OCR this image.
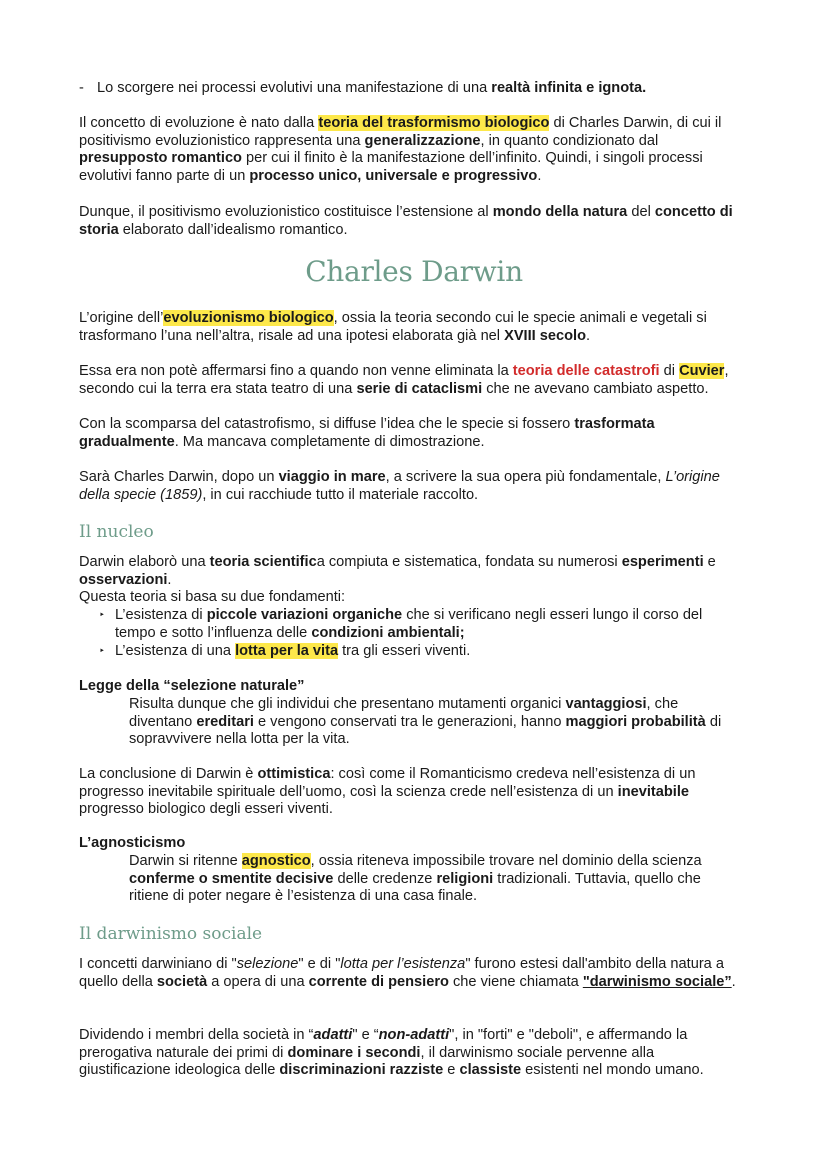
- Lo scorgere nei processi evolutivi una manifestazione di una realtà infinita e ignota.

Il concetto di evoluzione è nato dalla teoria del trasformismo biologico di Charles Darwin, di cui il positivismo evoluzionistico rappresenta una generalizzazione, in quanto condizionato dal presupposto romantico per cui il finito è la manifestazione dell’infinito. Quindi, i singoli processi evolutivi fanno parte di un processo unico, universale e progressivo.

Dunque, il positivismo evoluzionistico costituisce l’estensione al mondo della natura del concetto di storia elaborato dall’idealismo romantico.

Charles Darwin

L’origine dell’evoluzionismo biologico, ossia la teoria secondo cui le specie animali e vegetali si trasformano l’una nell’altra, risale ad una ipotesi elaborata già nel XVIII secolo.

Essa era non potè affermarsi fino a quando non venne eliminata la teoria delle catastrofi di Cuvier, secondo cui la terra era stata teatro di una serie di cataclismi che ne avevano cambiato aspetto.

Con la scomparsa del catastrofismo, si diffuse l’idea che le specie si fossero trasformata gradualmente. Ma mancava completamente di dimostrazione.

Sarà Charles Darwin, dopo un viaggio in mare, a scrivere la sua opera più fondamentale, L’origine della specie (1859), in cui racchiude tutto il materiale raccolto.

Il nucleo

Darwin elaborò una teoria scientifica compiuta e sistematica, fondata su numerosi esperimenti e osservazioni.

Questa teoria si basa su due fondamenti:

‣ L’esistenza di piccole variazioni organiche che si verificano negli esseri lungo il corso del tempo e sotto l’influenza delle condizioni ambientali;

‣ L’esistenza di una lotta per la vita tra gli esseri viventi.

Legge della “selezione naturale”

Risulta dunque che gli individui che presentano mutamenti organici vantaggiosi, che diventano ereditari e vengono conservati tra le generazioni, hanno maggiori probabilità di sopravvivere nella lotta per la vita.

La conclusione di Darwin è ottimistica: così come il Romanticismo credeva nell’esistenza di un progresso inevitabile spirituale dell’uomo, così la scienza crede nell’esistenza di un inevitabile progresso biologico degli esseri viventi.

L’agnosticismo

Darwin si ritenne agnostico, ossia riteneva impossibile trovare nel dominio della scienza conferme o smentite decisive delle credenze religioni tradizionali. Tuttavia, quello che ritiene di poter negare è l’esistenza di una casa finale.

Il darwinismo sociale

I concetti darwiniano di "selezione" e di "lotta per l’esistenza" furono estesi dall'ambito della natura a quello della società a opera di una corrente di pensiero che viene chiamata "darwinismo sociale”.

Dividendo i membri della società in “adatti" e “non-adatti", in "forti" e "deboli", e affermando la prerogativa naturale dei primi di dominare i secondi, il darwinismo sociale pervenne alla giustificazione ideologica delle discriminazioni razziste e classiste esistenti nel mondo umano.
